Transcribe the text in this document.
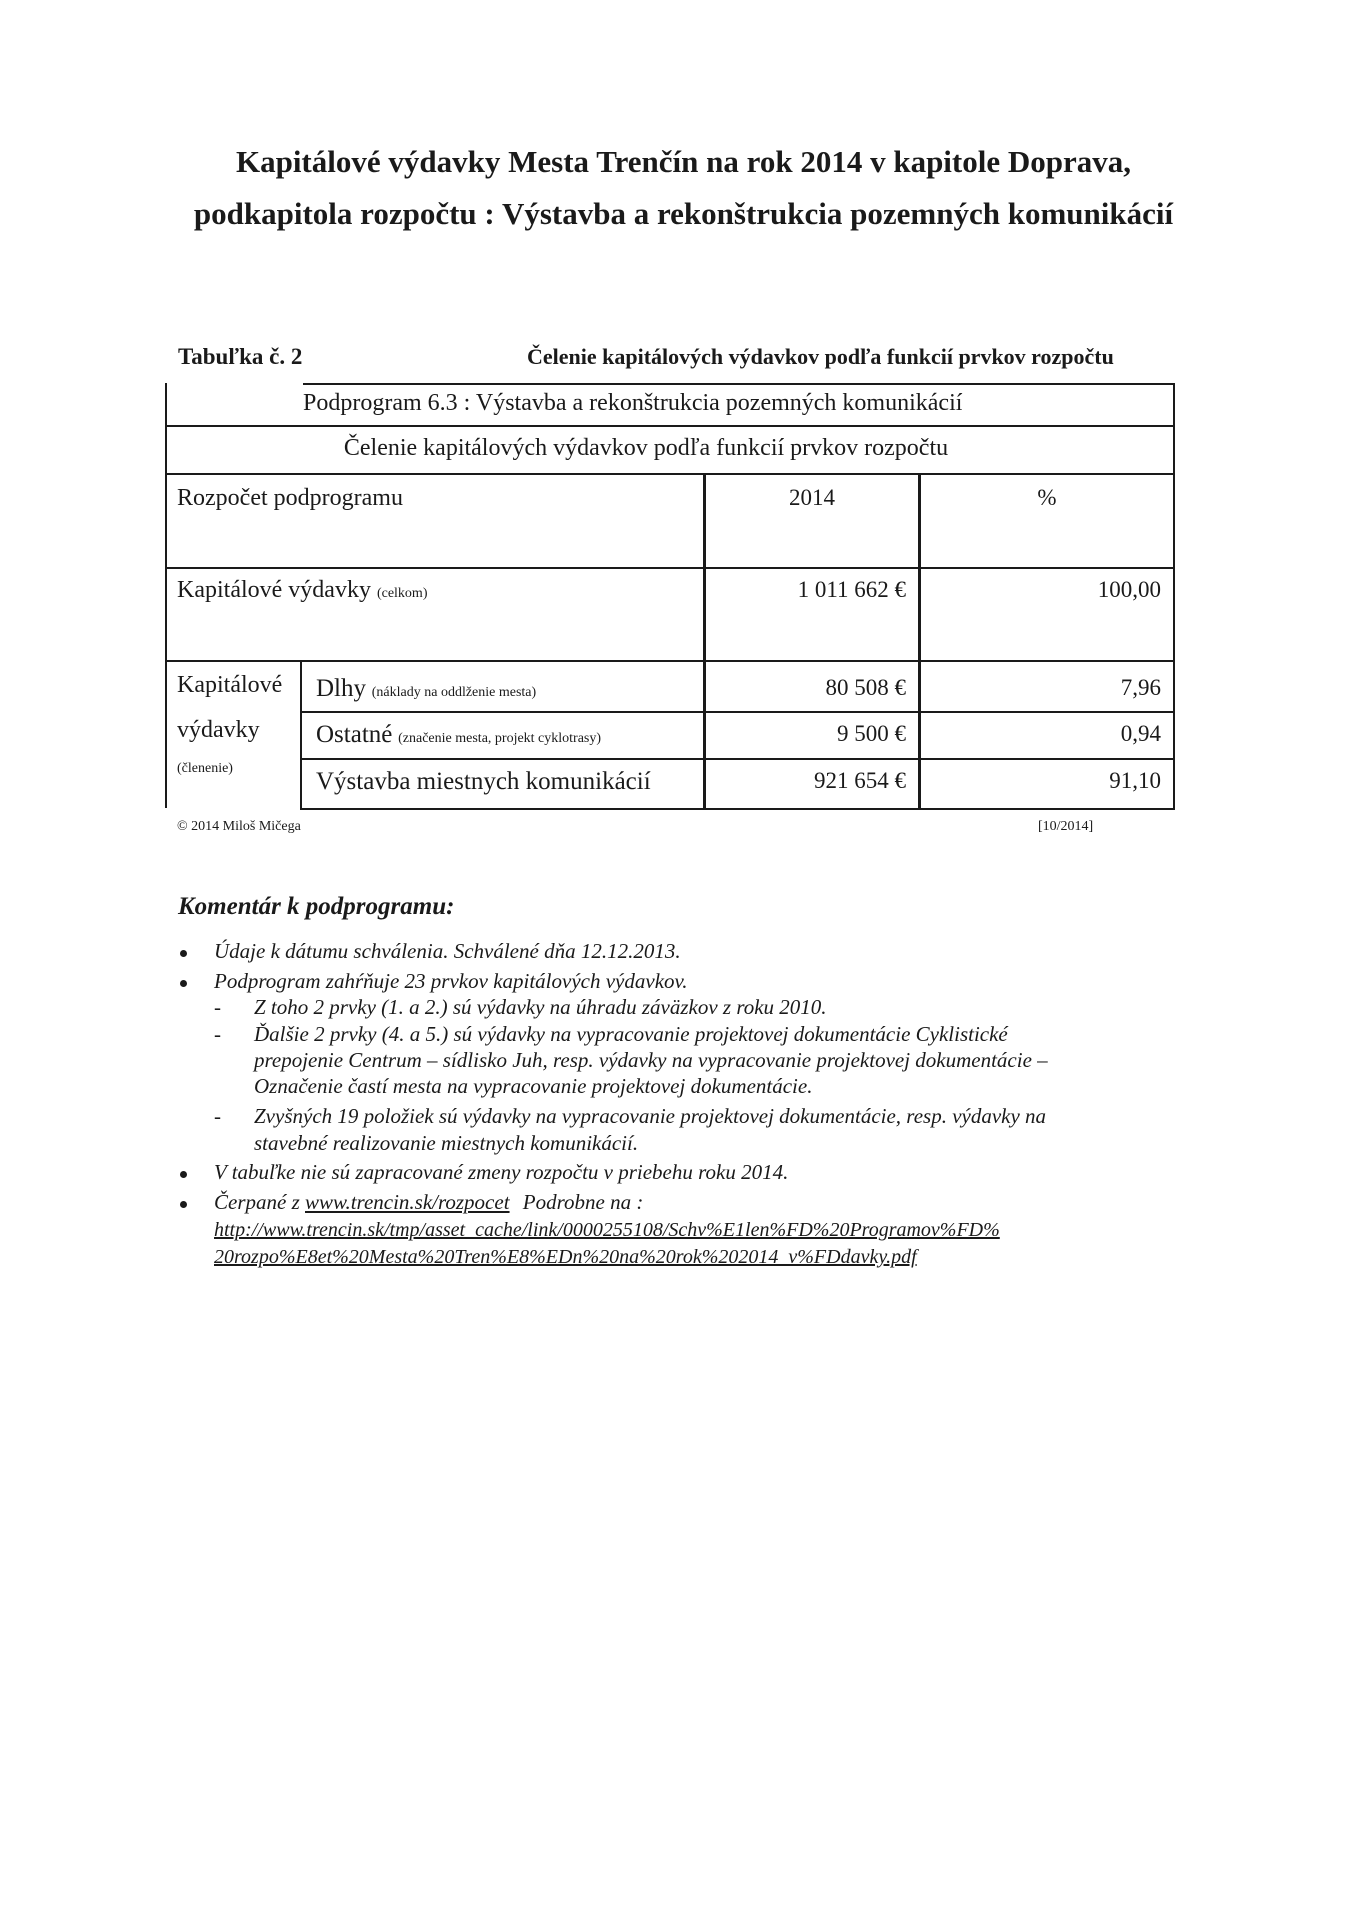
Kapitálové výdavky Mesta Trenčín na rok 2014 v kapitole Doprava,
podkapitola rozpočtu : Výstavba a rekonštrukcia pozemných komunikácií
Tabuľka č. 2	Čelenie kapitálových výdavkov podľa funkcií prvkov rozpočtu
Podprogram 6.3 : Výstavba a rekonštrukcia pozemných komunikácií
Čelenie kapitálových výdavkov podľa funkcií prvkov rozpočtu
Rozpočet podprogramu	2014	%
Kapitálové výdavky (celkom)	1 011 662 €	100,00
Kapitálové
výdavky
(členenie)
Dlhy (náklady na oddlženie mesta)	80 508 €	7,96
Ostatné (značenie mesta, projekt cyklotrasy)	9 500 €	0,94
Výstavba miestnych komunikácií	921 654 €	91,10
© 2014 Miloš Mičega	[10/2014]
Komentár k podprogramu:
Údaje k dátumu schválenia. Schválené dňa 12.12.2013.
Podprogram zahŕňuje 23 prvkov kapitálových výdavkov.
- Z toho 2 prvky (1. a 2.) sú výdavky na úhradu záväzkov z roku 2010.
- Ďalšie 2 prvky (4. a 5.) sú výdavky na vypracovanie projektovej dokumentácie Cyklistické
prepojenie Centrum – sídlisko Juh, resp. výdavky na vypracovanie projektovej dokumentácie –
Označenie častí mesta na vypracovanie projektovej dokumentácie.
- Zvyšných 19 položiek sú výdavky na vypracovanie projektovej dokumentácie, resp. výdavky na
stavebné realizovanie miestnych komunikácií.
V tabuľke nie sú zapracované zmeny rozpočtu v priebehu roku 2014.
Čerpané z www.trencin.sk/rozpocet Podrobne na :
http://www.trencin.sk/tmp/asset_cache/link/0000255108/Schv%E1len%FD%20Programov%FD%
20rozpo%E8et%20Mesta%20Tren%E8%EDn%20na%20rok%202014_v%FDdavky.pdf
